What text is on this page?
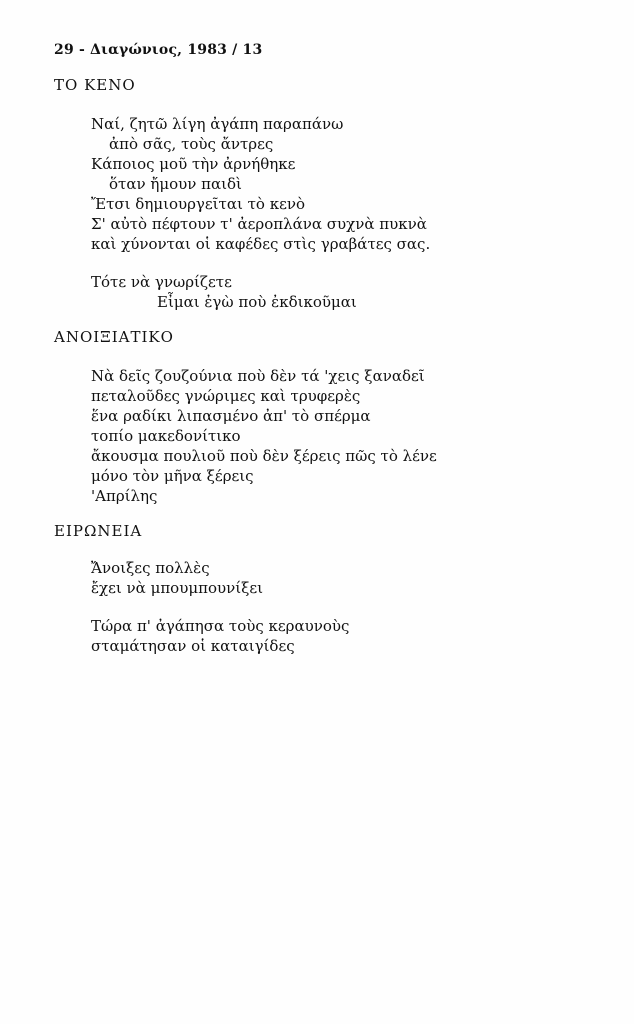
29 - Διαγώνιος, 1983 / 13
ΤΟ ΚΕΝΟ
Ναί, ζητῶ λίγη ἀγάπη παραπάνω
ἀπὸ σᾶς, τοὺς ἄντρες
Κάποιος μοῦ τὴν ἀρνήθηκε
ὅταν ἤμουν παιδὶ
Ἔτσι δημιουργεῖται τὸ κενὸ
Σ' αὐτὸ πέφτουν τ' ἀεροπλάνα συχνὰ πυκνὰ
καὶ χύνονται οἱ καφέδες στὶς γραβάτες σας.
Τότε νὰ γνωρίζετε
Εἶμαι ἐγὼ ποὺ ἐκδικοῦμαι
ΑΝΟΙΞΙΑΤΙΚΟ
Νὰ δεῖς ζουζούνια ποὺ δὲν τά 'χεις ξαναδεῖ
πεταλοῦδες γνώριμες καὶ τρυφερὲς
ἕνα ραδίκι λιπασμένο ἀπ' τὸ σπέρμα
τοπίο μακεδονίτικο
ἄκουσμα πουλιοῦ ποὺ δὲν ξέρεις πῶς τὸ λένε
μόνο τὸν μῆνα ξέρεις
'Απρίλης
ΕΙΡΩΝΕΙΑ
Ἄνοιξες πολλὲς
ἔχει νὰ μπουμπουνίξει
Τώρα π' ἀγάπησα τοὺς κεραυνοὺς
σταμάτησαν οἱ καταιγίδες
